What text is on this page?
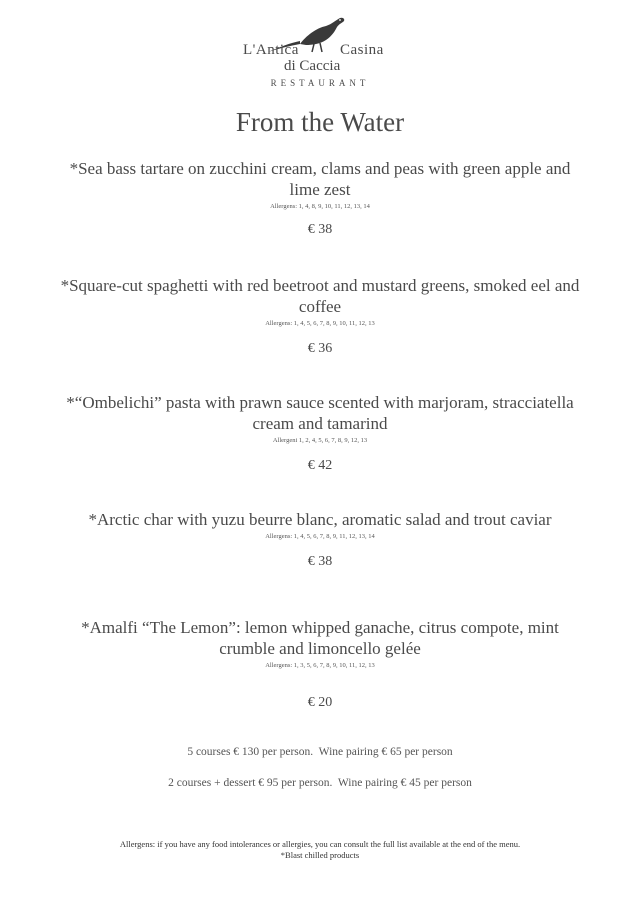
L'Antica	Casina
di Caccia
RESTAURANT
From the Water
*Sea bass tartare on zucchini cream, clams and peas with green apple and lime zest
Allergens: 1, 4, 8, 9, 10, 11, 12, 13, 14
€ 38
*Square-cut spaghetti with red beetroot and mustard greens, smoked eel and coffee
Allergens: 1, 4, 5, 6, 7, 8, 9, 10, 11, 12, 13
€ 36
*“Ombelichi” pasta with prawn sauce scented with marjoram, stracciatella cream and tamarind
Allergeni 1, 2, 4, 5, 6, 7, 8, 9, 12, 13
€ 42
*Arctic char with yuzu beurre blanc, aromatic salad and trout caviar
Allergens: 1, 4, 5, 6, 7, 8, 9, 11, 12, 13, 14
€ 38
*Amalfi “The Lemon”: lemon whipped ganache, citrus compote, mint crumble and limoncello gelée
Allergens: 1, 3, 5, 6, 7, 8, 9, 10, 11, 12, 13
€ 20
5 courses € 130 per person.  Wine pairing € 65 per person
2 courses + dessert € 95 per person.  Wine pairing € 45 per person
Allergens: if you have any food intolerances or allergies, you can consult the full list available at the end of the menu.
*Blast chilled products
